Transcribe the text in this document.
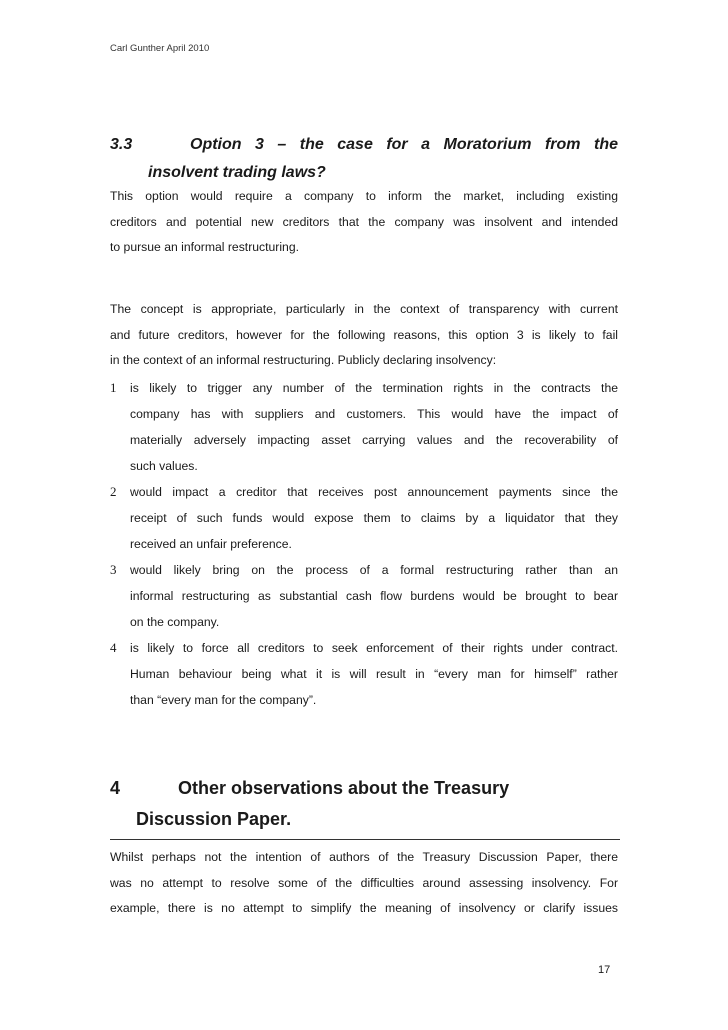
Carl Gunther April 2010
3.3	Option 3 – the case for a Moratorium from the
insolvent trading laws?
This option would require a company to inform the market, including existing
creditors and potential new creditors that the company was insolvent and intended
to pursue an informal restructuring.
The concept is appropriate, particularly in the context of transparency with current
and future creditors, however for the following reasons, this option 3 is likely to fail
in the context of an informal restructuring. Publicly declaring insolvency:
1 is likely to trigger any number of the termination rights in the contracts the
company has with suppliers and customers. This would have the impact of
materially adversely impacting asset carrying values and the recoverability of
such values.
2 would impact a creditor that receives post announcement payments since the
receipt of such funds would expose them to claims by a liquidator that they
received an unfair preference.
3 would likely bring on the process of a formal restructuring rather than an
informal restructuring as substantial cash flow burdens would be brought to bear
on the company.
4 is likely to force all creditors to seek enforcement of their rights under contract.
Human behaviour being what it is will result in “every man for himself” rather
than “every man for the company”.
4	Other observations about the Treasury
Discussion Paper.
Whilst perhaps not the intention of authors of the Treasury Discussion Paper, there
was no attempt to resolve some of the difficulties around assessing insolvency. For
example, there is no attempt to simplify the meaning of insolvency or clarify issues
17
